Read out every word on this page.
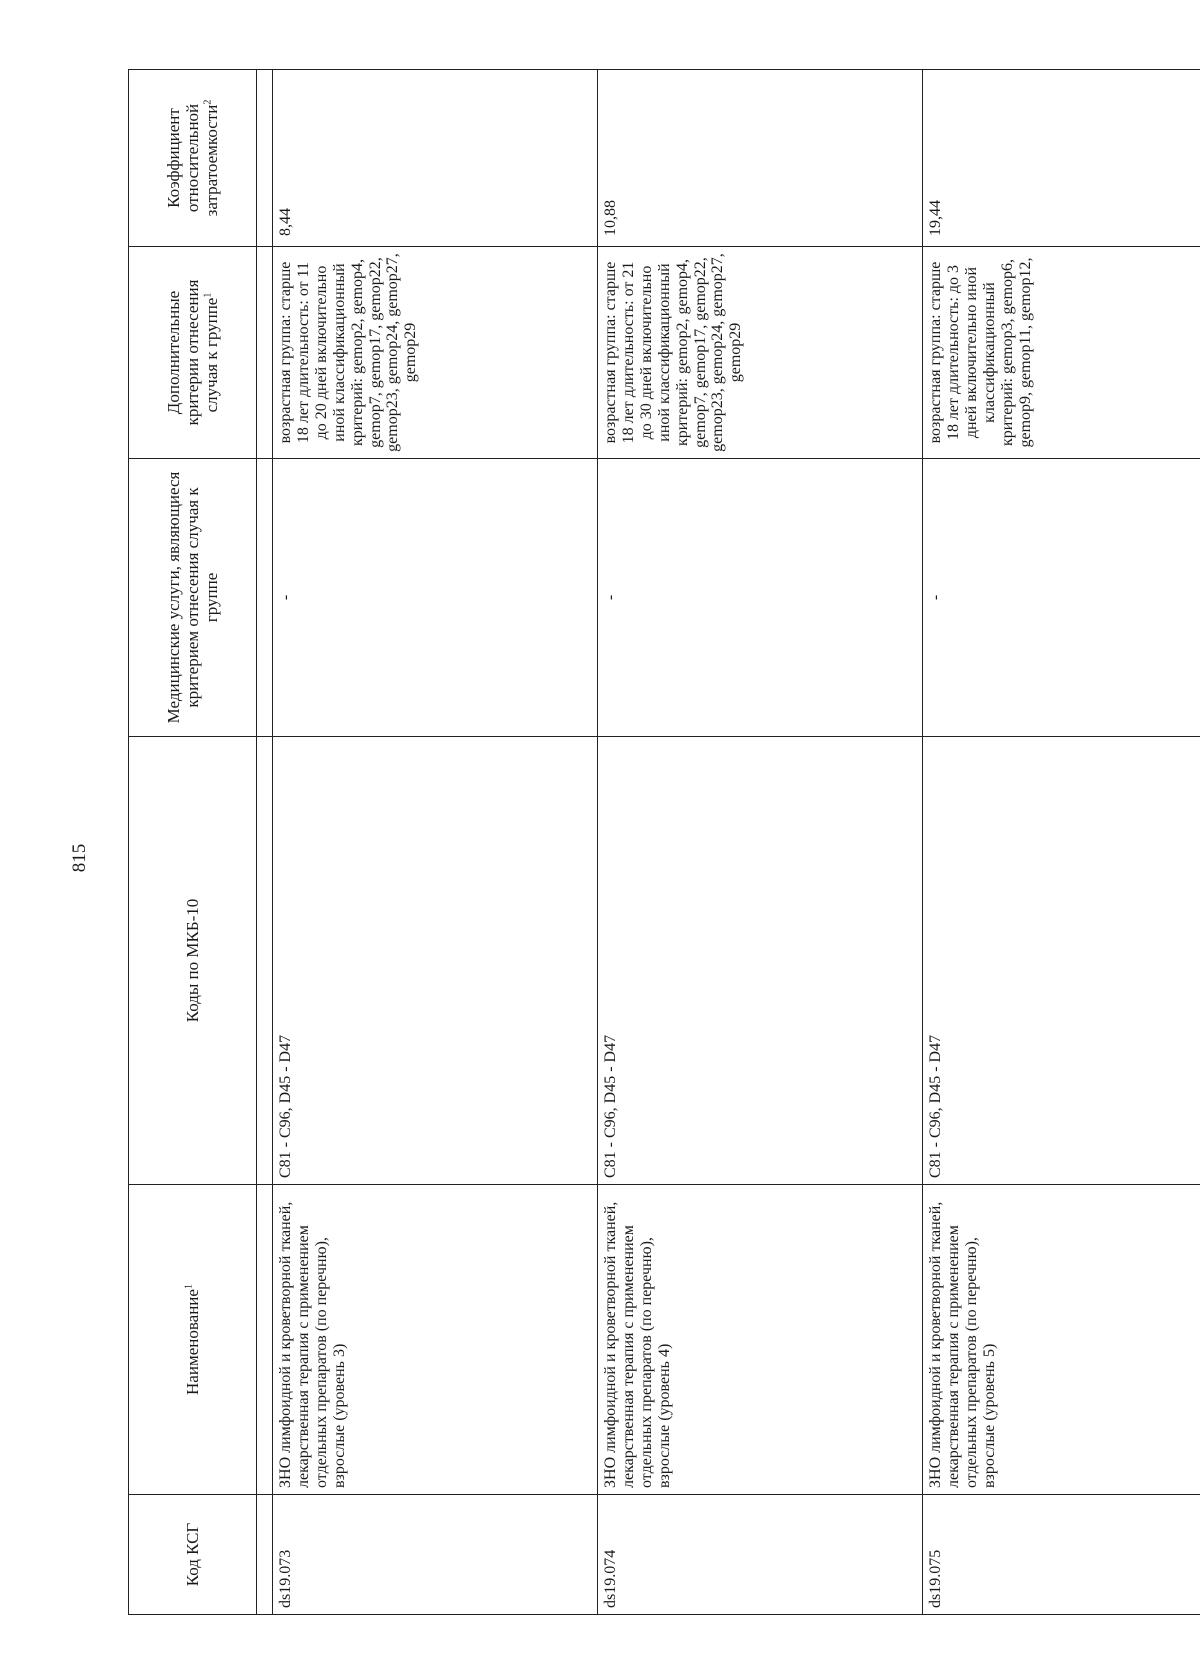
815
Код КСГ	Наименование$^1$	Коды по МКБ-10	Медицинские услуги, являющиеся критерием отнесения случая к группе	Дополнительные критерии отнесения случая к группе$^1$	Коэффициент относительной затратоемкости$^2$

ds19.073	ЗНО лимфоидной и кроветворной тканей, лекарственная терапия с применением отдельных препаратов (по перечню), взрослые (уровень 3)	C81 - C96, D45 - D47	-	возрастная группа: старше 18 лет длительность: от 11 до 20 дней включительно иной классификационный критерий: gemop2, gemop4, gemop7, gemop17, gemop22, gemop23, gemop24, gemop27, gemop29	8,44
ds19.074	ЗНО лимфоидной и кроветворной тканей, лекарственная терапия с применением отдельных препаратов (по перечню), взрослые (уровень 4)	C81 - C96, D45 - D47	-	возрастная группа: старше 18 лет длительность: от 21 до 30 дней включительно иной классификационный критерий: gemop2, gemop4, gemop7, gemop17, gemop22, gemop23, gemop24, gemop27, gemop29	10,88
ds19.075	ЗНО лимфоидной и кроветворной тканей, лекарственная терапия с применением отдельных препаратов (по перечню), взрослые (уровень 5)	C81 - C96, D45 - D47	-	возрастная группа: старше 18 лет длительность: до 3 дней включительно иной классификационный критерий: gemop3, gemop6, gemop9, gemop11, gemop12,	19,44
